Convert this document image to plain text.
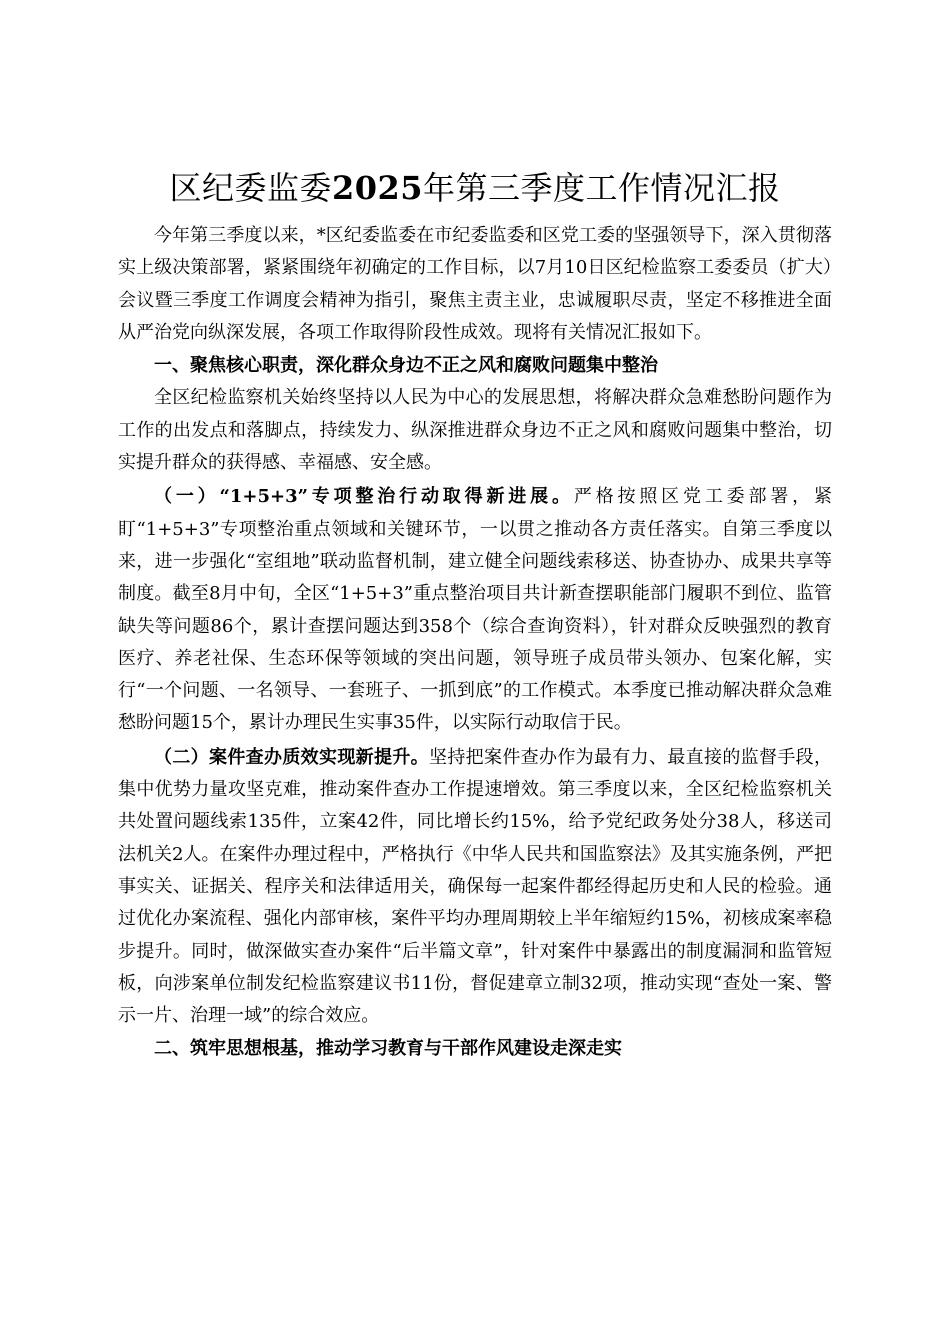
区纪委监委2025年第三季度工作情况汇报

今年第三季度以来，*区纪委监委在市纪委监委和区党工委的坚强领导下，深入贯彻落实上级决策部署，紧紧围绕年初确定的工作目标，以7月10日区纪检监察工委委员（扩大）会议暨三季度工作调度会精神为指引，聚焦主责主业，忠诚履职尽责，坚定不移推进全面从严治党向纵深发展，各项工作取得阶段性成效。现将有关情况汇报如下。

一、聚焦核心职责，深化群众身边不正之风和腐败问题集中整治

全区纪检监察机关始终坚持以人民为中心的发展思想，将解决群众急难愁盼问题作为工作的出发点和落脚点，持续发力、纵深推进群众身边不正之风和腐败问题集中整治，切实提升群众的获得感、幸福感、安全感。

（一）“1+5+3”专项整治行动取得新进展。严格按照区党工委部署，紧盯“1+5+3”专项整治重点领域和关键环节，一以贯之推动各方责任落实。自第三季度以来，进一步强化“室组地”联动监督机制，建立健全问题线索移送、协查协办、成果共享等制度。截至8月中旬，全区“1+5+3”重点整治项目共计新查摆职能部门履职不到位、监管缺失等问题86个，累计查摆问题达到358个（综合查询资料），针对群众反映强烈的教育医疗、养老社保、生态环保等领域的突出问题，领导班子成员带头领办、包案化解，实行“一个问题、一名领导、一套班子、一抓到底”的工作模式。本季度已推动解决群众急难愁盼问题15个，累计办理民生实事35件，以实际行动取信于民。

（二）案件查办质效实现新提升。坚持把案件查办作为最有力、最直接的监督手段，集中优势力量攻坚克难，推动案件查办工作提速增效。第三季度以来，全区纪检监察机关共处置问题线索135件，立案42件，同比增长约15%，给予党纪政务处分38人，移送司法机关2人。在案件办理过程中，严格执行《中华人民共和国监察法》及其实施条例，严把事实关、证据关、程序关和法律适用关，确保每一起案件都经得起历史和人民的检验。通过优化办案流程、强化内部审核，案件平均办理周期较上半年缩短约15%，初核成案率稳步提升。同时，做深做实查办案件“后半篇文章”，针对案件中暴露出的制度漏洞和监管短板，向涉案单位制发纪检监察建议书11份，督促建章立制32项，推动实现“查处一案、警示一片、治理一域”的综合效应。

二、筑牢思想根基，推动学习教育与干部作风建设走深走实
